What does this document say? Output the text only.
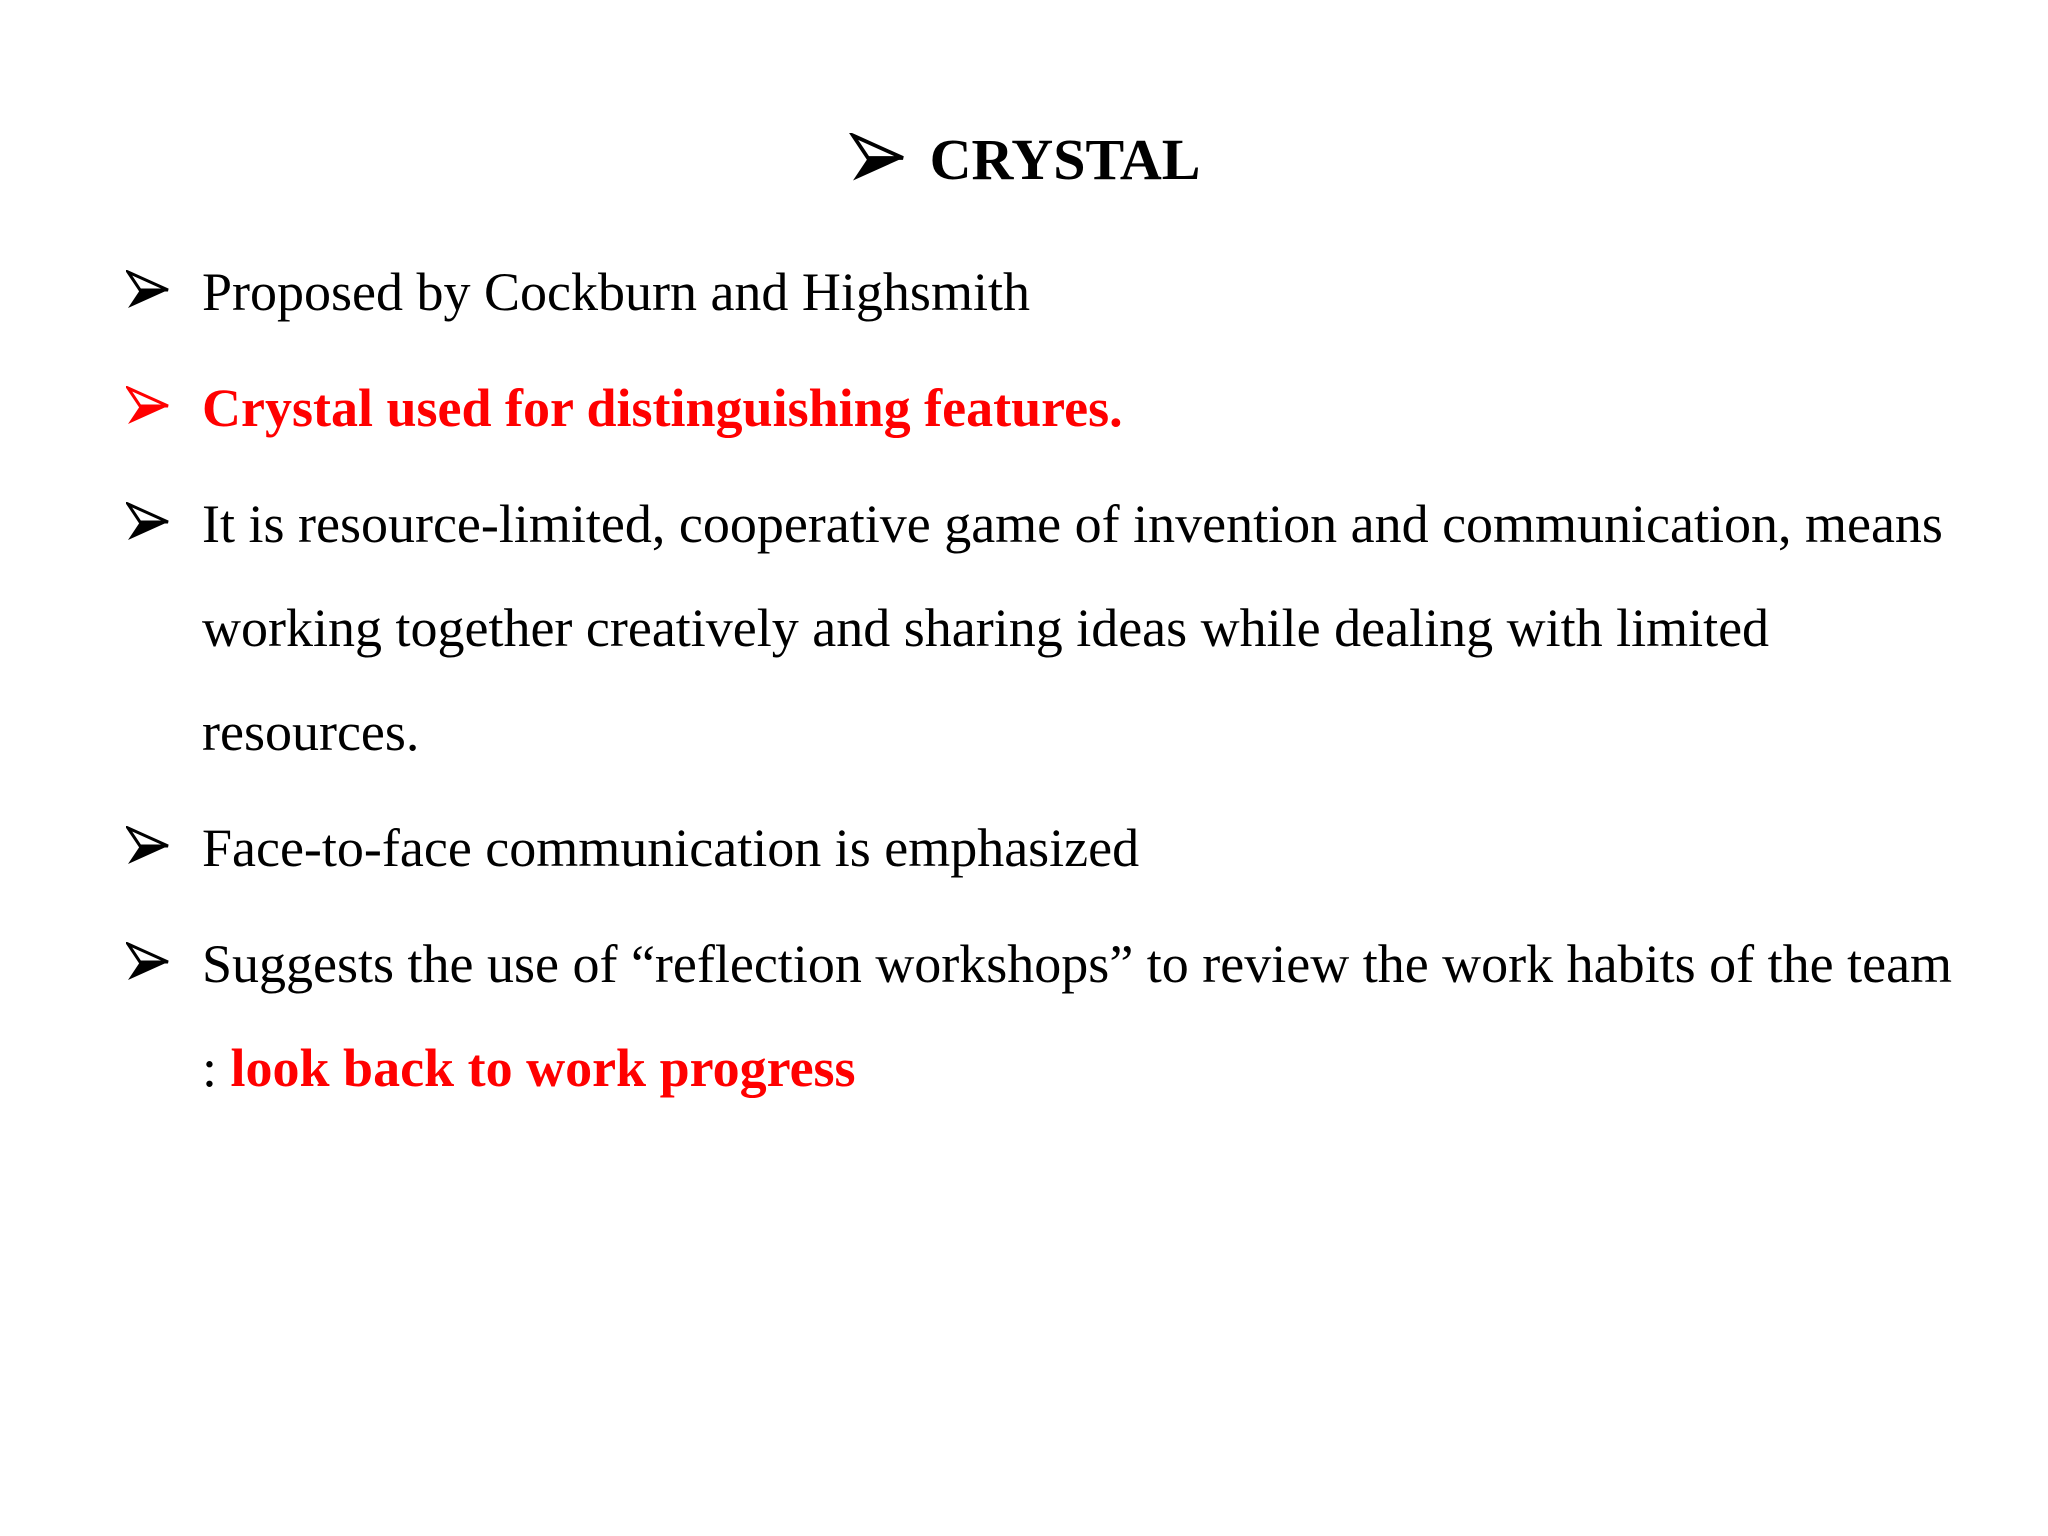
CRYSTAL
Proposed by Cockburn and Highsmith
Crystal used for distinguishing features.
It is resource-limited, cooperative game of invention and communication, means working together creatively and sharing ideas while dealing with limited resources.
Face-to-face communication is emphasized
Suggests the use of “reflection workshops” to review the work habits of the team : look back to work progress
